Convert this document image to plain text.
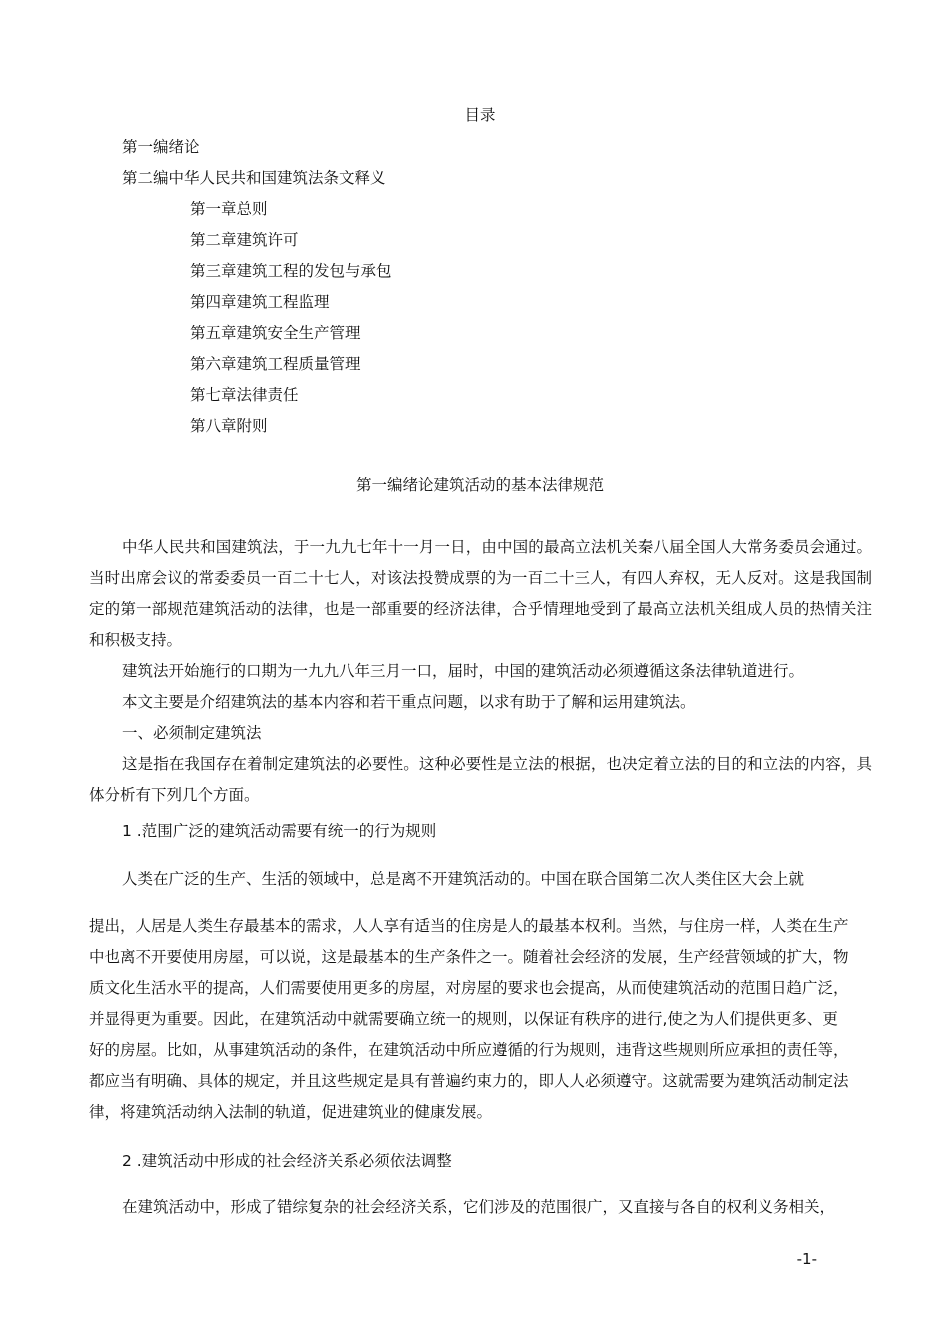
目录
第一编绪论
第二编中华人民共和国建筑法条文释义
第一章总则
第二章建筑许可
第三章建筑工程的发包与承包
第四章建筑工程监理
第五章建筑安全生产管理
第六章建筑工程质量管理
第七章法律责任
第八章附则
第一编绪论建筑活动的基本法律规范

中华人民共和国建筑法，于一九九七年十一月一日，由中国的最高立法机关秦八届全国人大常务委员会通过。当时出席会议的常委委员一百二十七人，对该法投赞成票的为一百二十三人，有四人弃权，无人反对。这是我国制定的第一部规范建筑活动的法律，也是一部重要的经济法律，合乎情理地受到了最高立法机关组成人员的热情关注和积极支持。

建筑法开始施行的口期为一九九八年三月一口，届时，中国的建筑活动必须遵循这条法律轨道进行。

本文主要是介绍建筑法的基本内容和若干重点问题，以求有助于了解和运用建筑法。

一、必须制定建筑法

这是指在我国存在着制定建筑法的必要性。这种必要性是立法的根据，也决定着立法的目的和立法的内容，具体分析有下列几个方面。

1 .范围广泛的建筑活动需要有统一的行为规则
人类在广泛的生产、生活的领域中，总是离不开建筑活动的。中国在联合国第二次人类住区大会上就
提出，人居是人类生存最基本的需求，人人享有适当的住房是人的最基本权利。当然，与住房一样，人类在生产
中也离不开要使用房屋，可以说，这是最基本的生产条件之一。随着社会经济的发展，生产经营领域的扩大，物
质文化生活水平的提高，人们需要使用更多的房屋，对房屋的要求也会提高，从而使建筑活动的范围日趋广泛，
并显得更为重要。因此，在建筑活动中就需要确立统一的规则，以保证有秩序的进行,使之为人们提供更多、更
好的房屋。比如，从事建筑活动的条件，在建筑活动中所应遵循的行为规则，违背这些规则所应承担的责任等，
都应当有明确、具体的规定，并且这些规定是具有普遍约束力的，即人人必须遵守。这就需要为建筑活动制定法
律，将建筑活动纳入法制的轨道，促进建筑业的健康发展。
2 .建筑活动中形成的社会经济关系必须依法调整
在建筑活动中，形成了错综复杂的社会经济关系，它们涉及的范围很广，又直接与各自的权利义务相关，
-1-
